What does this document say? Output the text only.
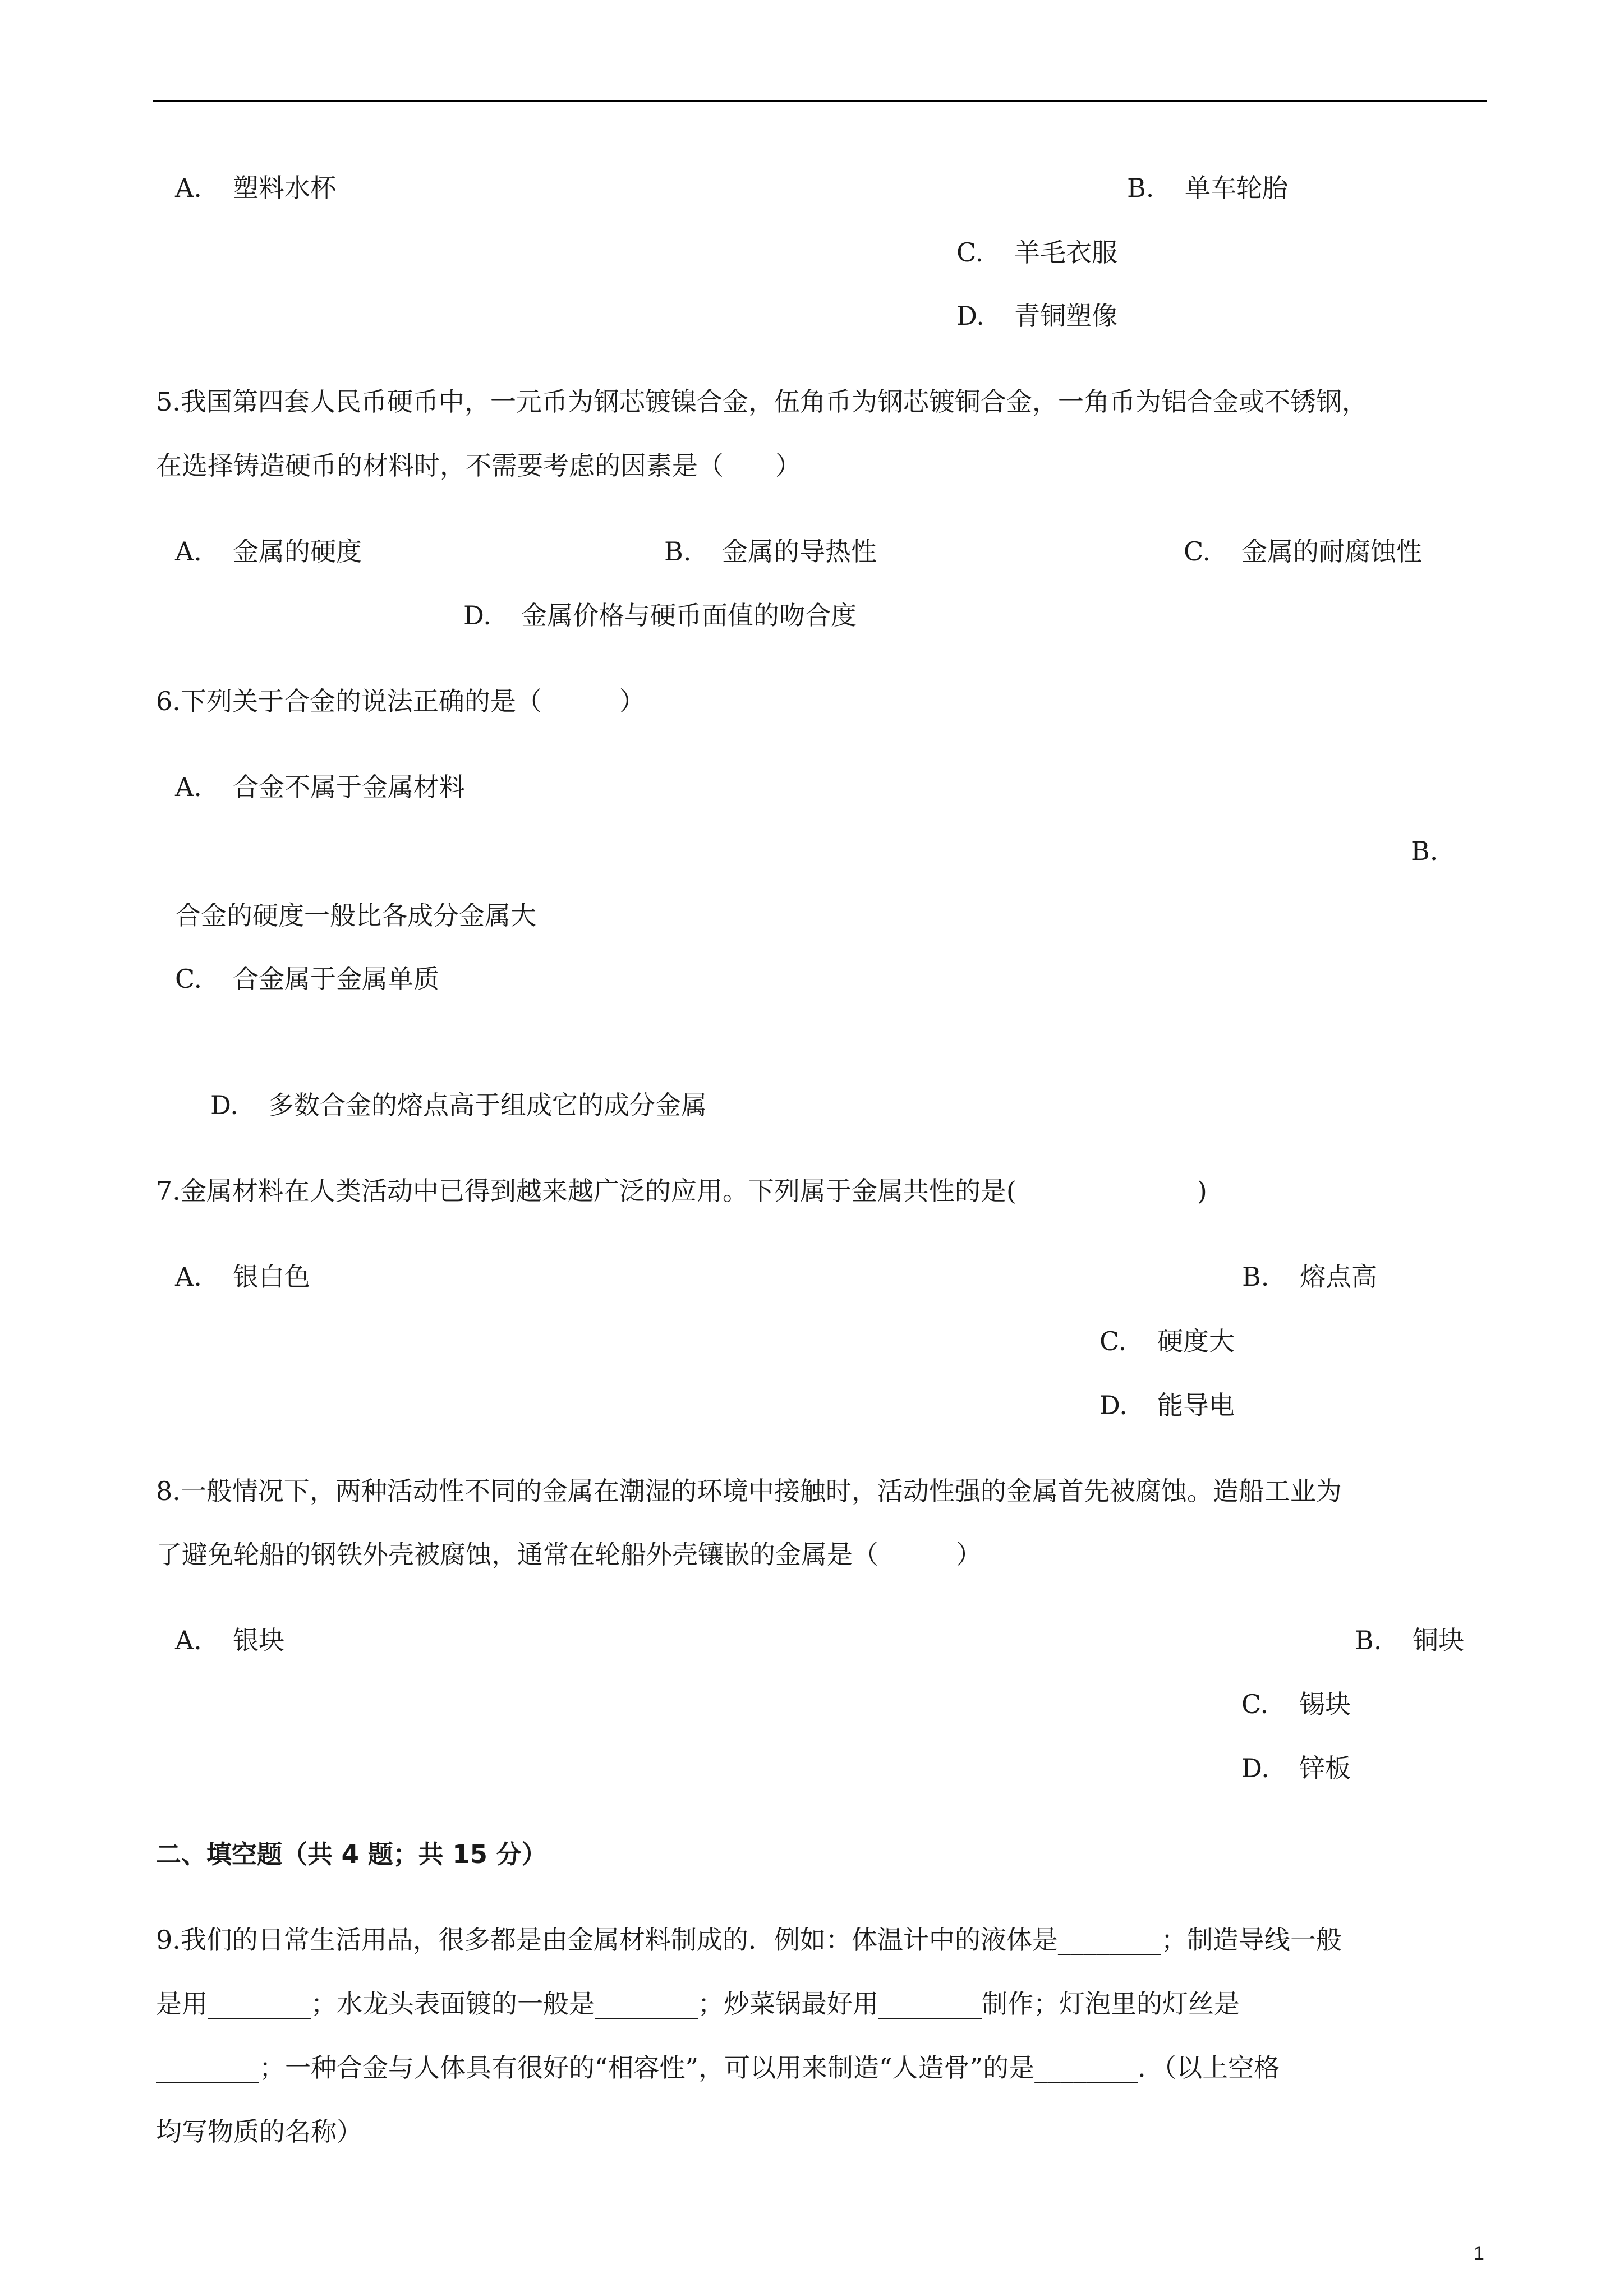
A. 塑料水杯	B. 单车轮胎
C. 羊毛衣服
D. 青铜塑像
5.我国第四套人民币硬币中，一元币为钢芯镀镍合金，伍角币为钢芯镀铜合金，一角币为铝合金或不锈钢，
在选择铸造硬币的材料时，不需要考虑的因素是（　　）
A. 金属的硬度	B. 金属的导热性	C. 金属的耐腐蚀性
D. 金属价格与硬币面值的吻合度
6.下列关于合金的说法正确的是（　　　）
A. 合金不属于金属材料
B.
合金的硬度一般比各成分金属大
C. 合金属于金属单质
D. 多数合金的熔点高于组成它的成分金属
7.金属材料在人类活动中已得到越来越广泛的应用。下列属于金属共性的是(　　　　　　　)
A. 银白色	B. 熔点高
C. 硬度大
D. 能导电
8.一般情况下，两种活动性不同的金属在潮湿的环境中接触时，活动性强的金属首先被腐蚀。造船工业为
了避免轮船的钢铁外壳被腐蚀，通常在轮船外壳镶嵌的金属是（　　　）
A. 银块	B. 铜块
C. 锡块
D. 锌板
二、填空题（共 4 题；共 15 分）
9.我们的日常生活用品，很多都是由金属材料制成的．例如：体温计中的液体是________；制造导线一般
是用________；水龙头表面镀的一般是________；炒菜锅最好用________制作；灯泡里的灯丝是
________；一种合金与人体具有很好的“相容性”，可以用来制造“人造骨”的是________．（以上空格
均写物质的名称）
1
